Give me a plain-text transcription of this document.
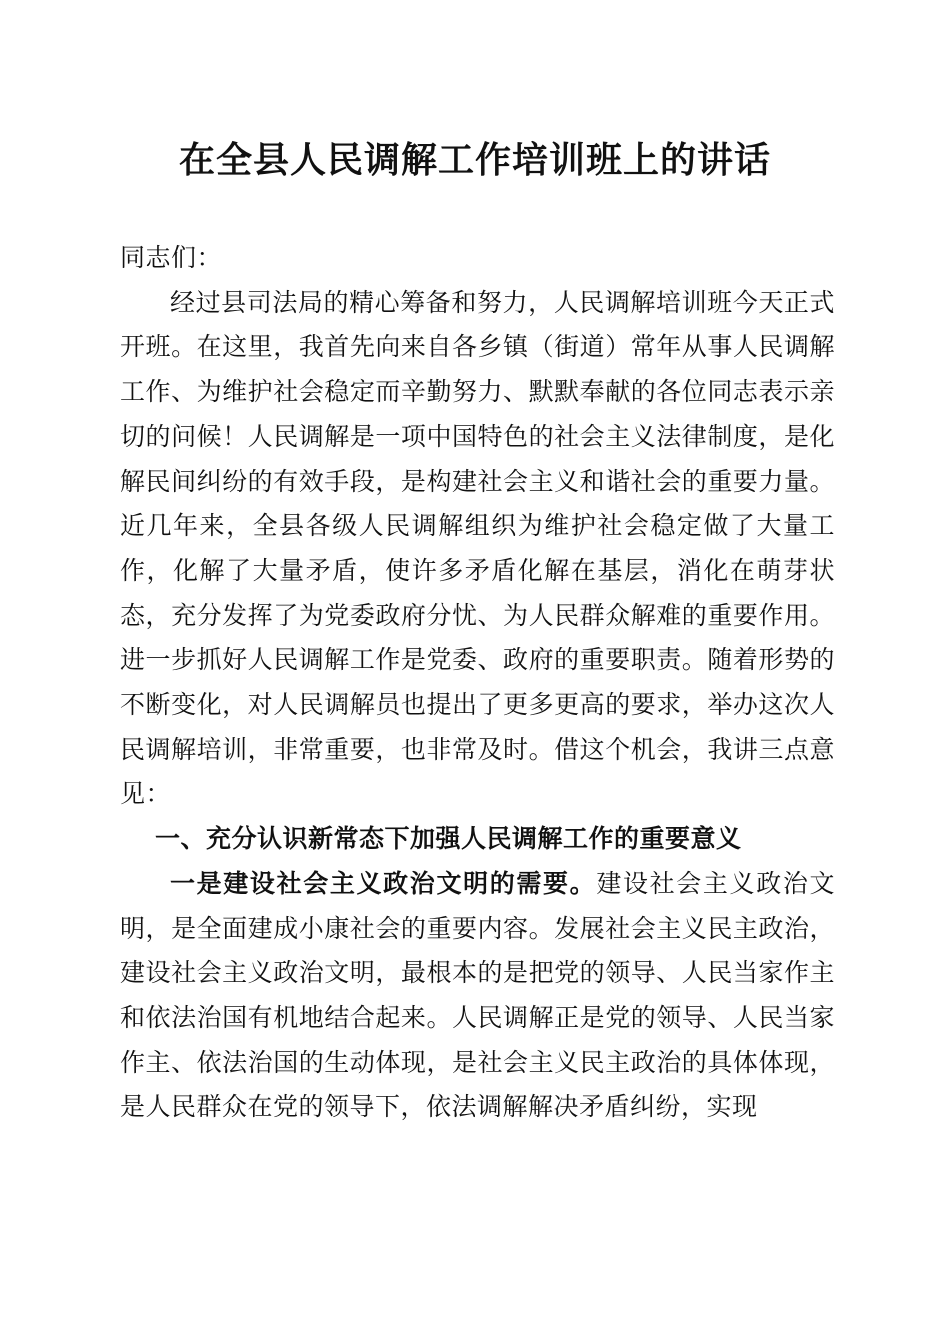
在全县人民调解工作培训班上的讲话

同志们：

经过县司法局的精心筹备和努力，人民调解培训班今天正式开班。在这里，我首先向来自各乡镇（街道）常年从事人民调解工作、为维护社会稳定而辛勤努力、默默奉献的各位同志表示亲切的问候！人民调解是一项中国特色的社会主义法律制度，是化解民间纠纷的有效手段，是构建社会主义和谐社会的重要力量。近几年来，全县各级人民调解组织为维护社会稳定做了大量工作，化解了大量矛盾，使许多矛盾化解在基层，消化在萌芽状态，充分发挥了为党委政府分忧、为人民群众解难的重要作用。进一步抓好人民调解工作是党委、政府的重要职责。随着形势的不断变化，对人民调解员也提出了更多更高的要求，举办这次人民调解培训，非常重要，也非常及时。借这个机会，我讲三点意见：

一、充分认识新常态下加强人民调解工作的重要意义

一是建设社会主义政治文明的需要。建设社会主义政治文明，是全面建成小康社会的重要内容。发展社会主义民主政治，建设社会主义政治文明，最根本的是把党的领导、人民当家作主和依法治国有机地结合起来。人民调解正是党的领导、人民当家作主、依法治国的生动体现，是社会主义民主政治的具体体现，是人民群众在党的领导下，依法调解解决矛盾纠纷，实现
